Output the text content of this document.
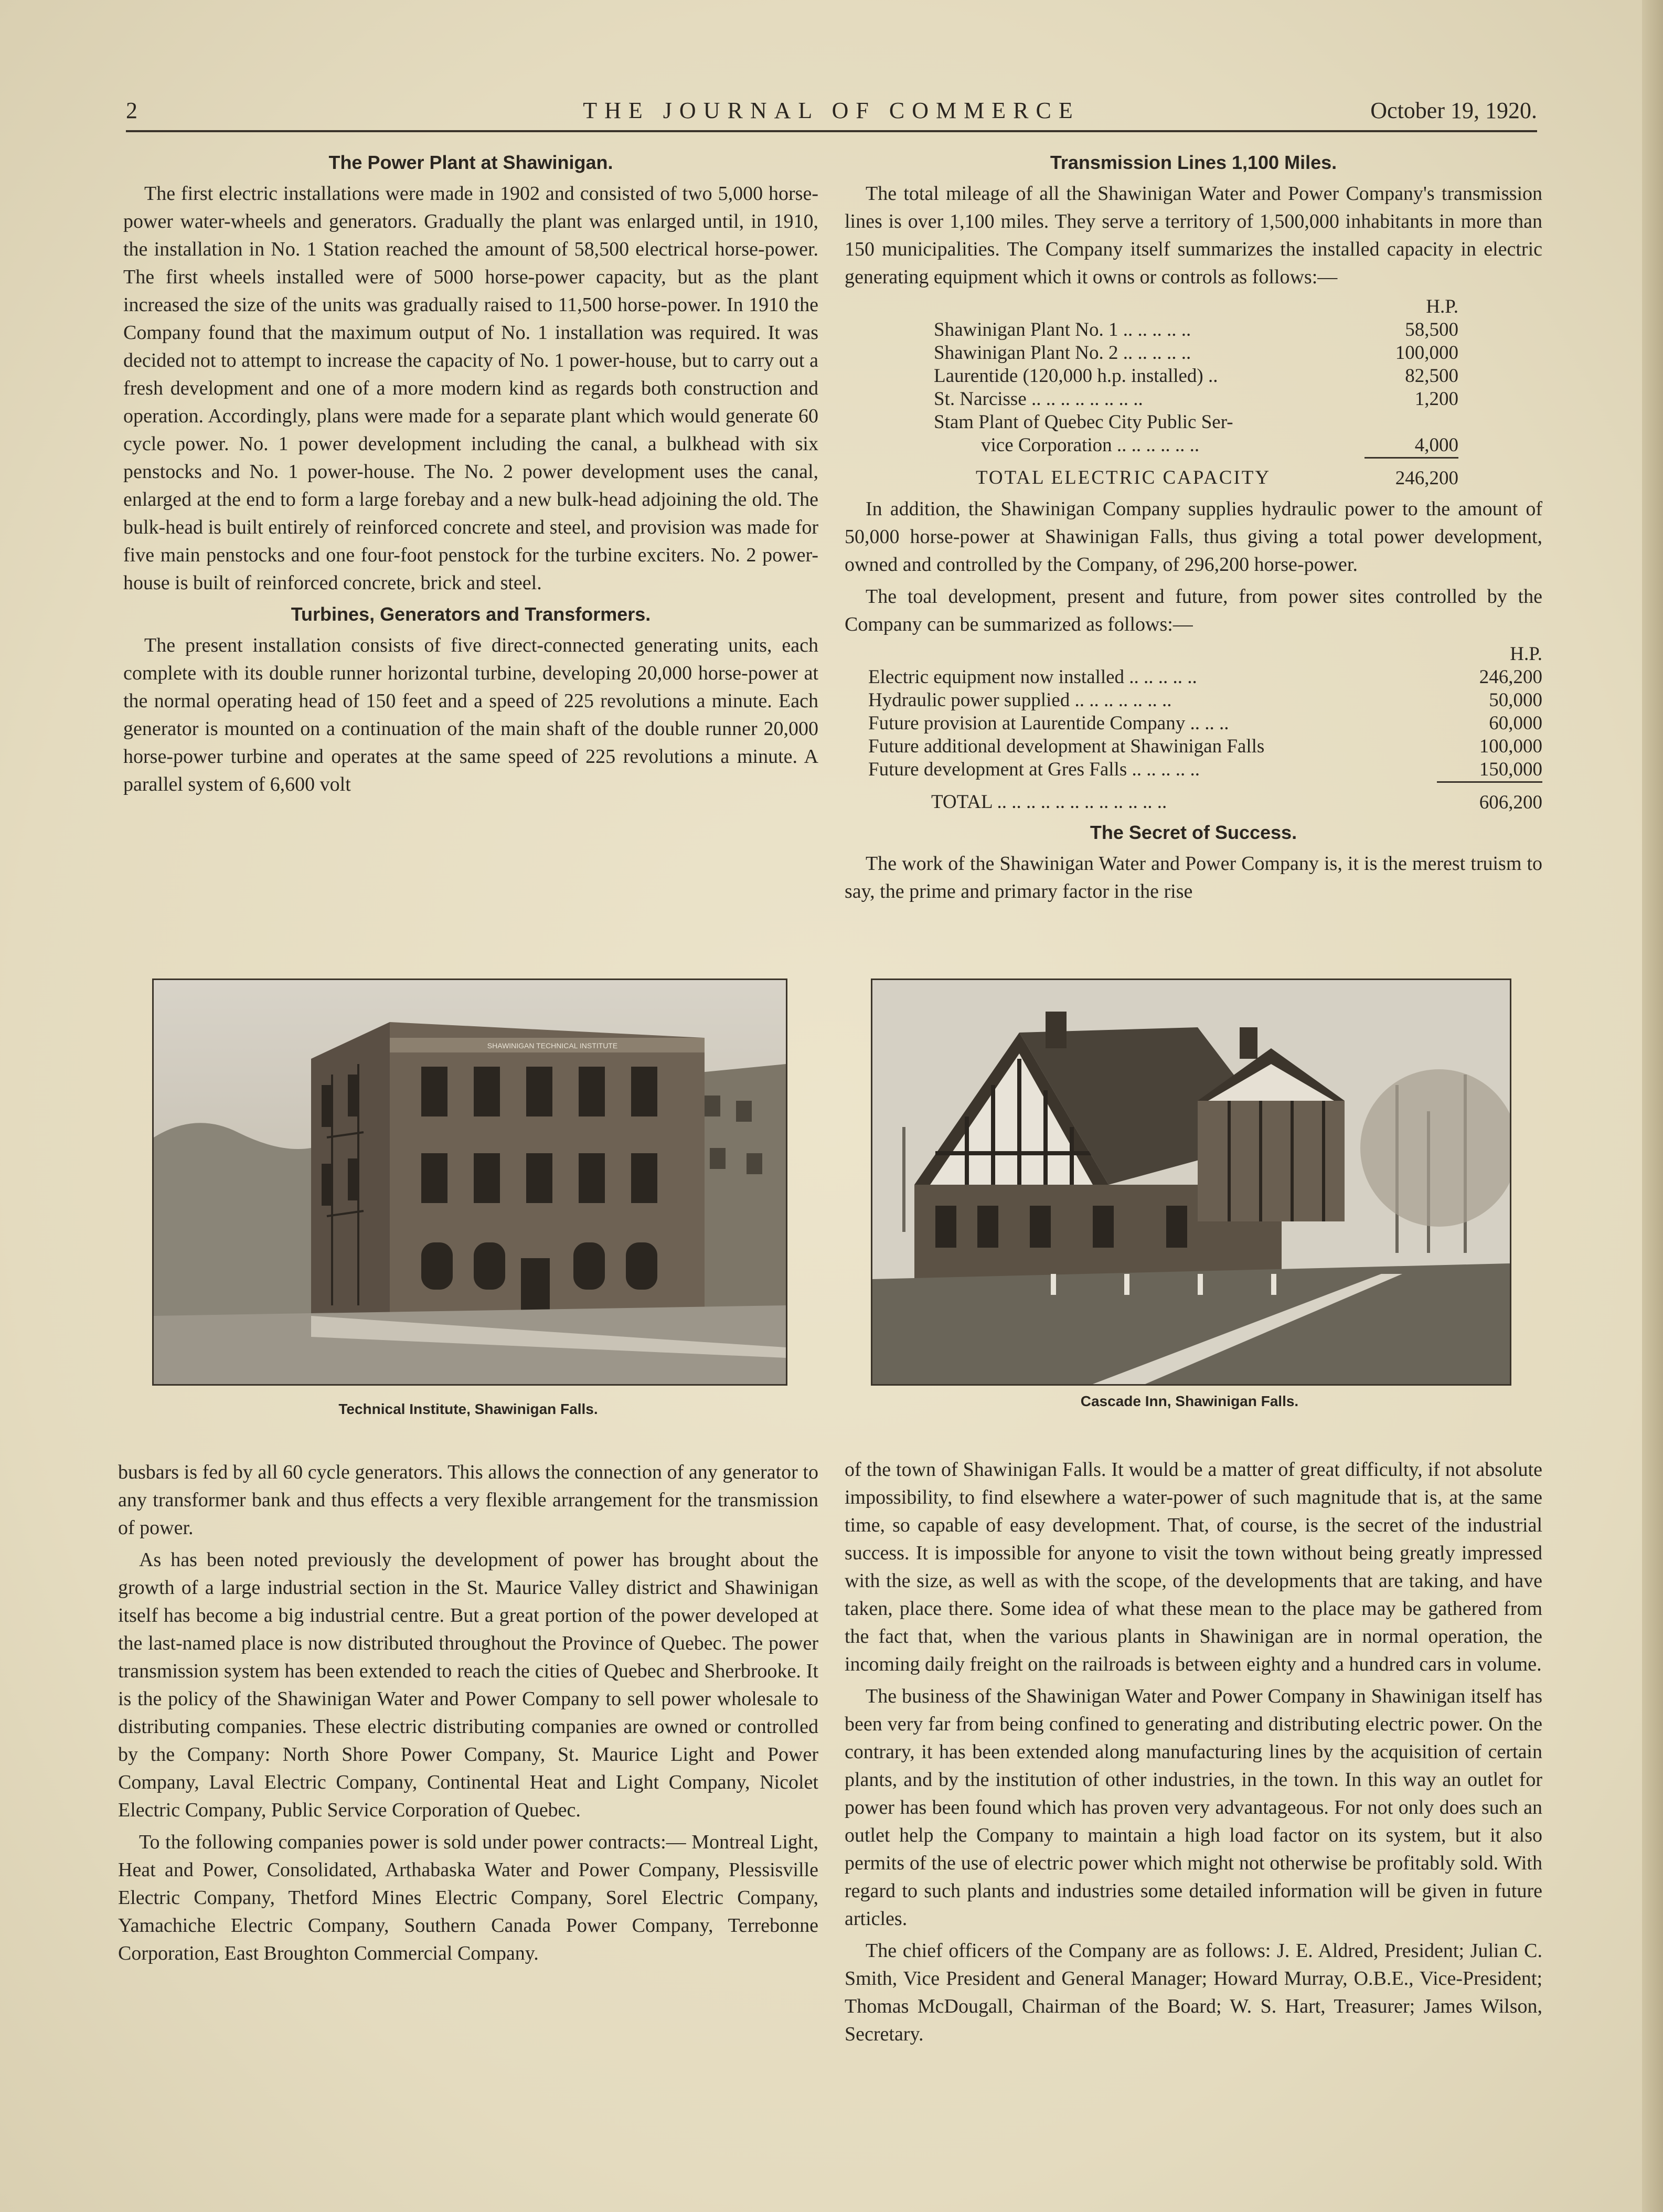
2	THE JOURNAL OF COMMERCE	October 19, 1920.
The Power Plant at Shawinigan.

The first electric installations were made in 1902 and consisted of two 5,000 horse-power water-wheels and generators. Gradually the plant was enlarged until, in 1910, the installation in No. 1 Station reached the amount of 58,500 electrical horse-power. The first wheels installed were of 5000 horse-power capacity, but as the plant increased the size of the units was gradually raised to 11,500 horse-power. In 1910 the Company found that the maximum output of No. 1 installation was required. It was decided not to attempt to increase the capacity of No. 1 power-house, but to carry out a fresh development and one of a more modern kind as regards both construction and operation. Accordingly, plans were made for a separate plant which would generate 60 cycle power. No. 1 power development including the canal, a bulkhead with six penstocks and No. 1 power-house. The No. 2 power development uses the canal, enlarged at the end to form a large forebay and a new bulk-head adjoining the old. The bulk-head is built entirely of reinforced concrete and steel, and provision was made for five main penstocks and one four-foot penstock for the turbine exciters. No. 2 power-house is built of reinforced concrete, brick and steel.

Turbines, Generators and Transformers.

The present installation consists of five direct-connected generating units, each complete with its double runner horizontal turbine, developing 20,000 horse-power at the normal operating head of 150 feet and a speed of 225 revolutions a minute. Each generator is mounted on a continuation of the main shaft of the double runner 20,000 horse-power turbine and operates at the same speed of 225 revolutions a minute. A parallel system of 6,600 volt

Transmission Lines 1,100 Miles.

The total mileage of all the Shawinigan Water and Power Company's transmission lines is over 1,100 miles. They serve a territory of 1,500,000 inhabitants in more than 150 municipalities. The Company itself summarizes the installed capacity in electric generating equipment which it owns or controls as follows:—

	H.P.
Shawinigan Plant No. 1 .. .. .. .. ..	58,500
Shawinigan Plant No. 2 .. .. .. .. ..	100,000
Laurentide (120,000 h.p. installed) ..	82,500
St. Narcisse .. .. .. .. .. .. .. ..	1,200
Stam Plant of Quebec City Public Ser-	
vice Corporation .. .. .. .. .. ..	4,000
TOTAL ELECTRIC CAPACITY	246,200

In addition, the Shawinigan Company supplies hydraulic power to the amount of 50,000 horse-power at Shawinigan Falls, thus giving a total power development, owned and controlled by the Company, of 296,200 horse-power.

The toal development, present and future, from power sites controlled by the Company can be summarized as follows:—

	H.P.
Electric equipment now installed .. .. .. .. ..	246,200
Hydraulic power supplied .. .. .. .. .. .. ..	50,000
Future provision at Laurentide Company .. .. ..	60,000
Future additional development at Shawinigan Falls	100,000
Future development at Gres Falls .. .. .. .. ..	150,000
TOTAL .. .. .. .. .. .. .. .. .. .. .. ..	606,200
The Secret of Success.

The work of the Shawinigan Water and Power Company is, it is the merest truism to say, the prime and primary factor in the rise

SHAWINIGAN TECHNICAL INSTITUTE
Technical Institute, Shawinigan Falls.	Cascade Inn, Shawinigan Falls.

busbars is fed by all 60 cycle generators. This allows the connection of any generator to any transformer bank and thus effects a very flexible arrangement for the transmission of power.

As has been noted previously the development of power has brought about the growth of a large industrial section in the St. Maurice Valley district and Shawinigan itself has become a big industrial centre. But a great portion of the power developed at the last-named place is now distributed throughout the Province of Quebec. The power transmission system has been extended to reach the cities of Quebec and Sherbrooke. It is the policy of the Shawinigan Water and Power Company to sell power wholesale to distributing companies. These electric distributing companies are owned or controlled by the Company: North Shore Power Company, St. Maurice Light and Power Company, Laval Electric Company, Continental Heat and Light Company, Nicolet Electric Company, Public Service Corporation of Quebec.

To the following companies power is sold under power contracts:— Montreal Light, Heat and Power, Consolidated, Arthabaska Water and Power Company, Plessisville Electric Company, Thetford Mines Electric Company, Sorel Electric Company, Yamachiche Electric Company, Southern Canada Power Company, Terrebonne Corporation, East Broughton Commercial Company.

of the town of Shawinigan Falls. It would be a matter of great difficulty, if not absolute impossibility, to find elsewhere a water-power of such magnitude that is, at the same time, so capable of easy development. That, of course, is the secret of the industrial success. It is impossible for anyone to visit the town without being greatly impressed with the size, as well as with the scope, of the developments that are taking, and have taken, place there. Some idea of what these mean to the place may be gathered from the fact that, when the various plants in Shawinigan are in normal operation, the incoming daily freight on the railroads is between eighty and a hundred cars in volume.

The business of the Shawinigan Water and Power Company in Shawinigan itself has been very far from being confined to generating and distributing electric power. On the contrary, it has been extended along manufacturing lines by the acquisition of certain plants, and by the institution of other industries, in the town. In this way an outlet for power has been found which has proven very advantageous. For not only does such an outlet help the Company to maintain a high load factor on its system, but it also permits of the use of electric power which might not otherwise be profitably sold. With regard to such plants and industries some detailed information will be given in future articles.

The chief officers of the Company are as follows: J. E. Aldred, President; Julian C. Smith, Vice President and General Manager; Howard Murray, O.B.E., Vice-President; Thomas McDougall, Chairman of the Board; W. S. Hart, Treasurer; James Wilson, Secretary.
